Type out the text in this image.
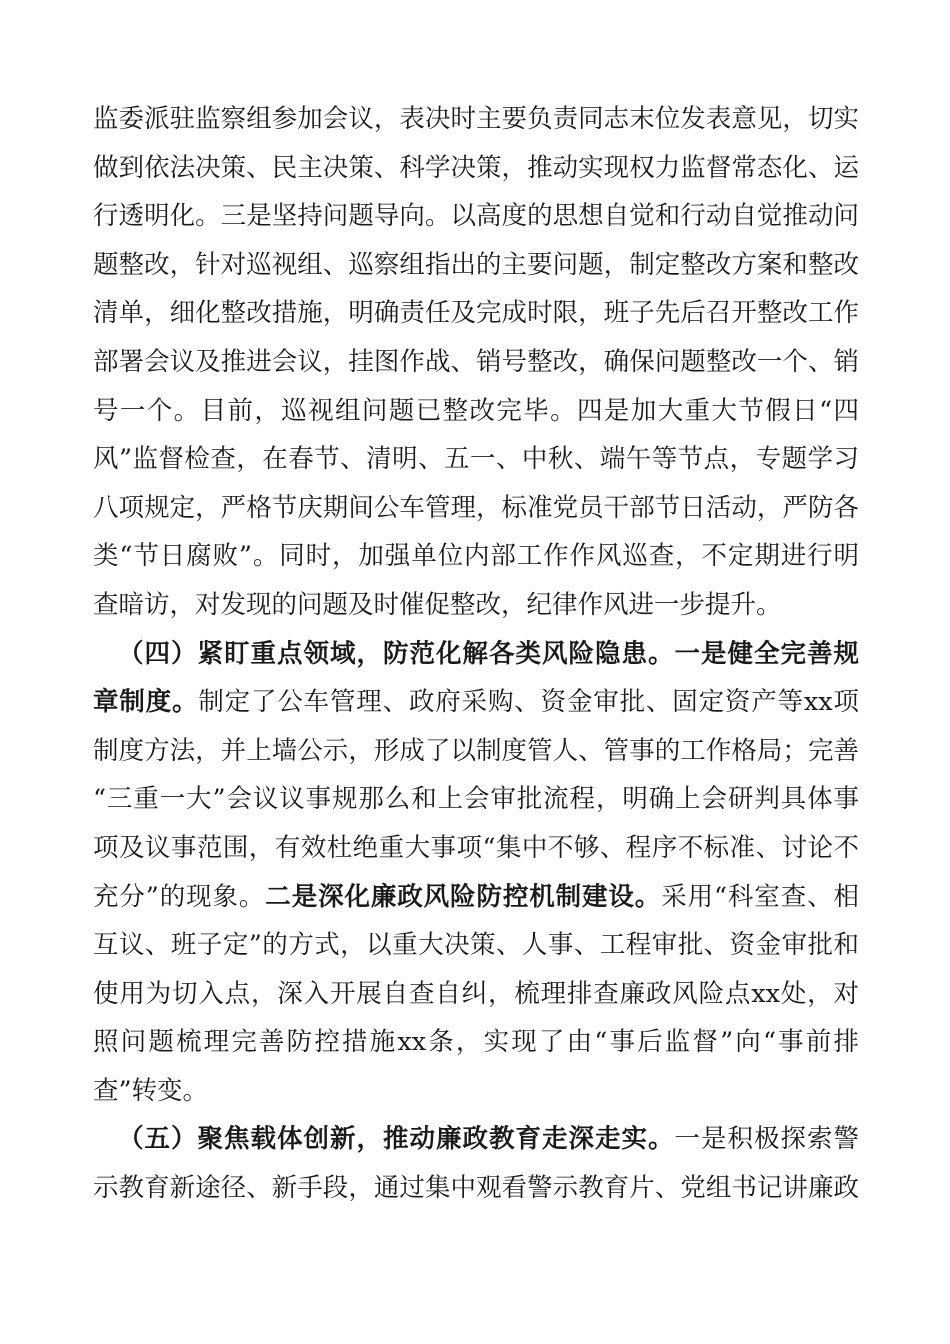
监委派驻监察组参加会议，表决时主要负责同志末位发表意见，切实
做到依法决策、民主决策、科学决策，推动实现权力监督常态化、运
行透明化。三是坚持问题导向。以高度的思想自觉和行动自觉推动问
题整改，针对巡视组、巡察组指出的主要问题，制定整改方案和整改
清单，细化整改措施，明确责任及完成时限，班子先后召开整改工作
部署会议及推进会议，挂图作战、销号整改，确保问题整改一个、销
号一个。目前，巡视组问题已整改完毕。四是加大重大节假日“四
风”监督检查，在春节、清明、五一、中秋、端午等节点，专题学习
八项规定，严格节庆期间公车管理，标准党员干部节日活动，严防各
类“节日腐败”。同时，加强单位内部工作作风巡查，不定期进行明
查暗访，对发现的问题及时催促整改，纪律作风进一步提升。
（四）紧盯重点领域，防范化解各类风险隐患。一是健全完善规
章制度。制定了公车管理、政府采购、资金审批、固定资产等xx项
制度方法，并上墙公示，形成了以制度管人、管事的工作格局；完善
“三重一大”会议议事规那么和上会审批流程，明确上会研判具体事
项及议事范围，有效杜绝重大事项“集中不够、程序不标准、讨论不
充分”的现象。二是深化廉政风险防控机制建设。采用“科室查、相
互议、班子定”的方式，以重大决策、人事、工程审批、资金审批和
使用为切入点，深入开展自查自纠，梳理排查廉政风险点xx处，对
照问题梳理完善防控措施xx条，实现了由“事后监督”向“事前排
查”转变。
（五）聚焦载体创新，推动廉政教育走深走实。一是积极探索警
示教育新途径、新手段，通过集中观看警示教育片、党组书记讲廉政
